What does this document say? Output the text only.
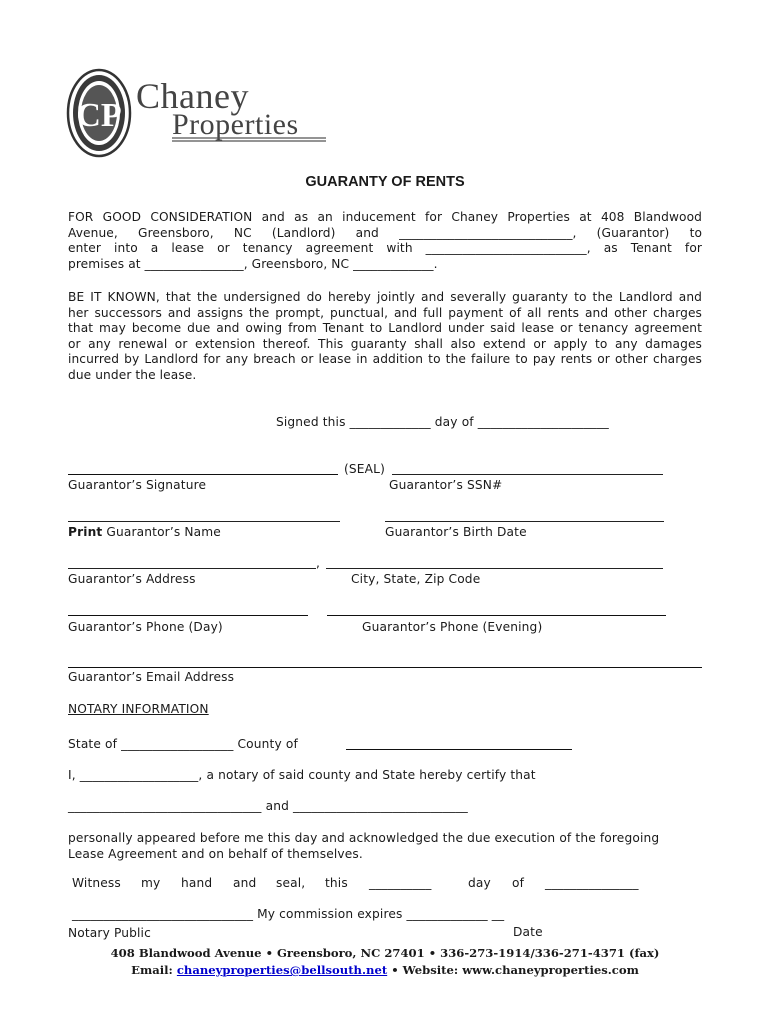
CP Chaney
Properties
GUARANTY OF RENTS
FOR GOOD CONSIDERATION and as an inducement for Chaney Properties at 408 Blandwood
Avenue, Greensboro, NC (Landlord) and ____________________________, (Guarantor) to
enter into a lease or tenancy agreement with __________________________, as Tenant for
premises at ________________, Greensboro, NC _____________.
BE IT KNOWN, that the undersigned do hereby jointly and severally guaranty to the Landlord and
her successors and assigns the prompt, punctual, and full payment of all rents and other charges
that may become due and owing from Tenant to Landlord under said lease or tenancy agreement
or any renewal or extension thereof. This guaranty shall also extend or apply to any damages
incurred by Landlord for any breach or lease in addition to the failure to pay rents or other charges
due under the lease.
Signed this _____________ day of _____________________
(SEAL)
Guarantor’s Signature	Guarantor’s SSN#
Print Guarantor’s Name	Guarantor’s Birth Date
,
Guarantor’s Address	City, State, Zip Code
Guarantor’s Phone (Day)	Guarantor’s Phone (Evening)
Guarantor’s Email Address
NOTARY INFORMATION
State of __________________ County of
I, ___________________, a notary of said county and State hereby certify that
_______________________________ and ____________________________
personally appeared before me this day and acknowledged the due execution of the foregoing
Lease Agreement and on behalf of themselves.
Witness my hand and seal, this __________	day of _______________
_____________________________ My commission expires _____________ __
Notary Public	Date
408 Blandwood Avenue • Greensboro, NC 27401 • 336-273-1914/336-271-4371 (fax)
Email: chaneyproperties@bellsouth.net • Website: www.chaneyproperties.com
